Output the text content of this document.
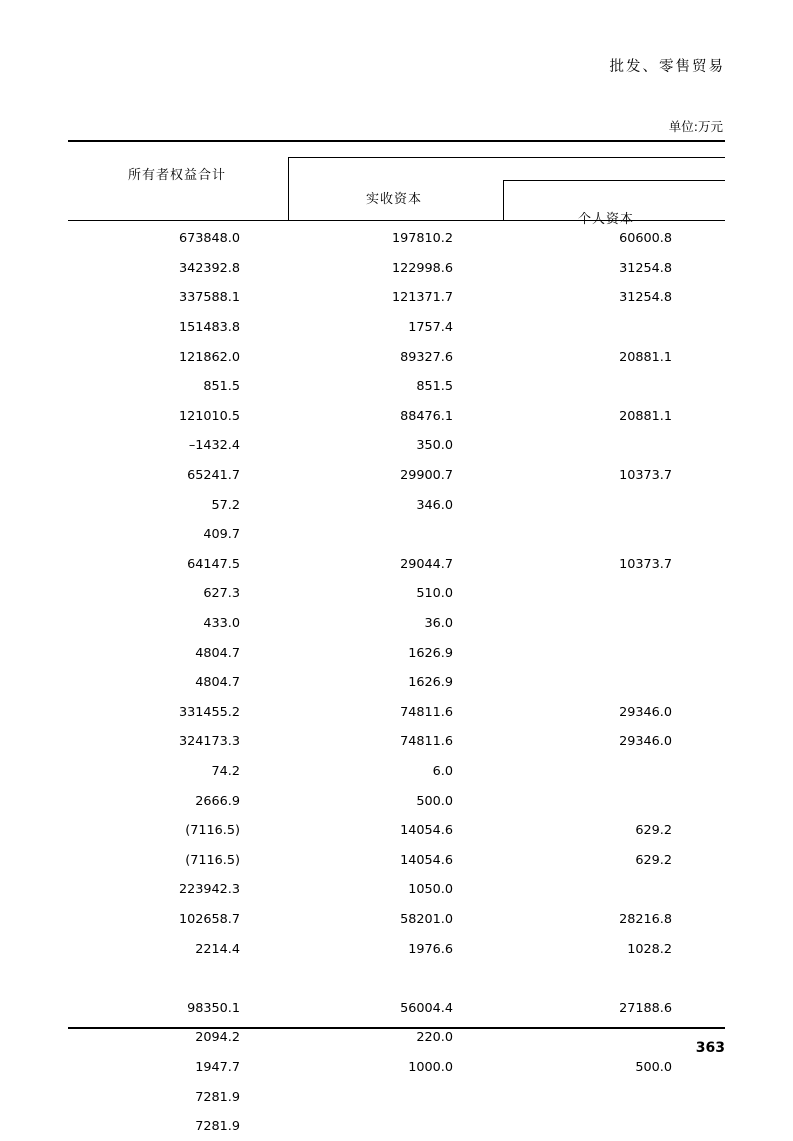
批发、零售贸易
单位:万元
所有者权益合计
实收资本
个人资本
673848.0	197810.2	60600.8
342392.8	122998.6	31254.8
337588.1	121371.7	31254.8
151483.8	1757.4
121862.0	89327.6	20881.1
851.5	851.5
121010.5	88476.1	20881.1
–1432.4	350.0
65241.7	29900.7	10373.7
57.2	346.0
409.7
64147.5	29044.7	10373.7
627.3	510.0
433.0	36.0
4804.7	1626.9
4804.7	1626.9
331455.2	74811.6	29346.0
324173.3	74811.6	29346.0
74.2	6.0
2666.9	500.0
(7116.5)	14054.6	629.2
(7116.5)	14054.6	629.2
223942.3	1050.0
102658.7	58201.0	28216.8
2214.4	1976.6	1028.2
98350.1	56004.4	27188.6
2094.2	220.0
1947.7	1000.0	500.0
7281.9
7281.9
363
